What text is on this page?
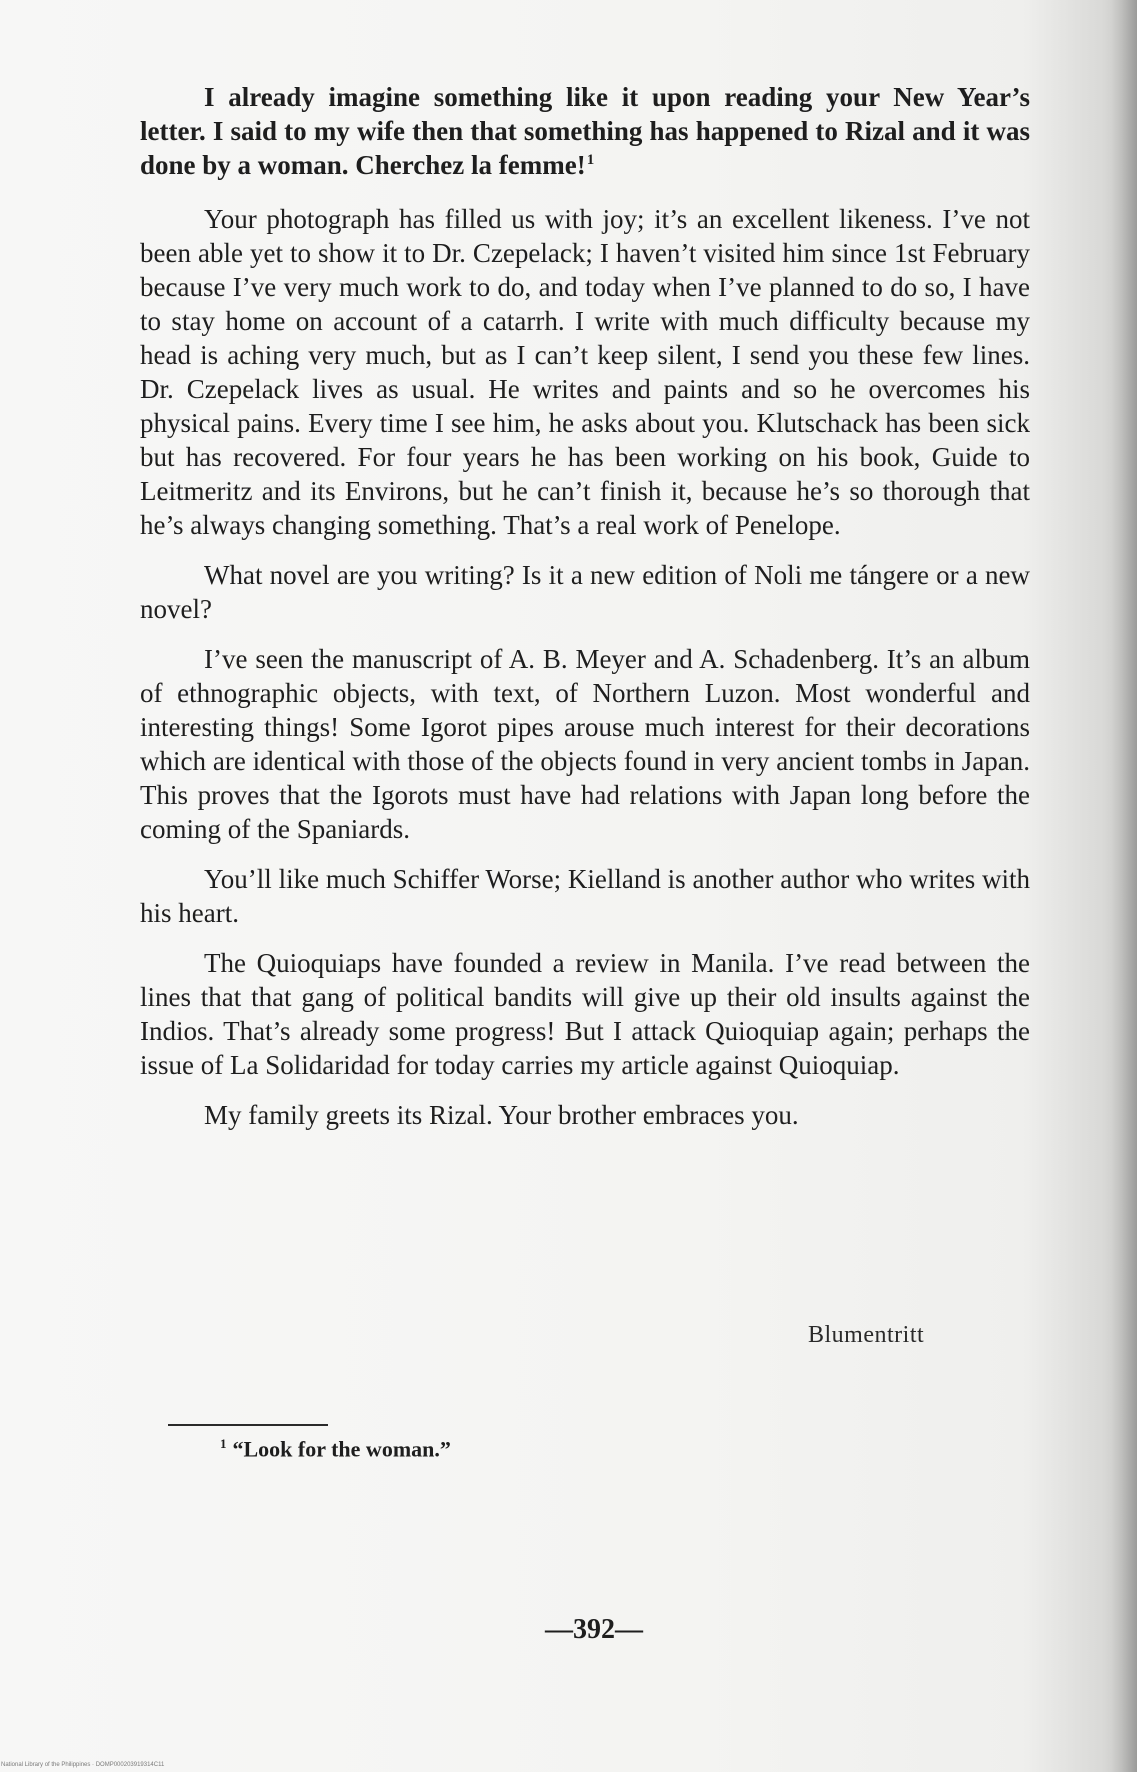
I already imagine something like it upon reading your New Year’s letter. I said to my wife then that something has happened to Rizal and it was done by a woman. Cherchez la femme!$^1$

Your photograph has filled us with joy; it’s an excellent likeness. I’ve not been able yet to show it to Dr. Czepelack; I haven’t visited him since 1st February because I’ve very much work to do, and today when I’ve planned to do so, I have to stay home on account of a catarrh. I write with much difficulty because my head is aching very much, but as I can’t keep silent, I send you these few lines. Dr. Czepelack lives as usual. He writes and paints and so he overcomes his physical pains. Every time I see him, he asks about you. Klutschack has been sick but has recovered. For four years he has been working on his book, Guide to Leitmeritz and its Environs, but he can’t finish it, because he’s so thorough that he’s always changing something. That’s a real work of Penelope.

What novel are you writing? Is it a new edition of Noli me tángere or a new novel?

I’ve seen the manuscript of A. B. Meyer and A. Schadenberg. It’s an album of ethnographic objects, with text, of Northern Luzon. Most wonderful and interesting things! Some Igorot pipes arouse much interest for their decorations which are identical with those of the objects found in very ancient tombs in Japan. This proves that the Igorots must have had relations with Japan long before the coming of the Spaniards.

You’ll like much Schiffer Worse; Kielland is another author who writes with his heart.

The Quioquiaps have founded a review in Manila. I’ve read between the lines that that gang of political bandits will give up their old insults against the Indios. That’s already some progress! But I attack Quioquiap again; perhaps the issue of La Solidaridad for today carries my article against Quioquiap.

My family greets its Rizal. Your brother embraces you.

Blumentritt
$^1$ “Look for the woman.”
—392—
National Library of the Philippines · DOMP000203919314C11
